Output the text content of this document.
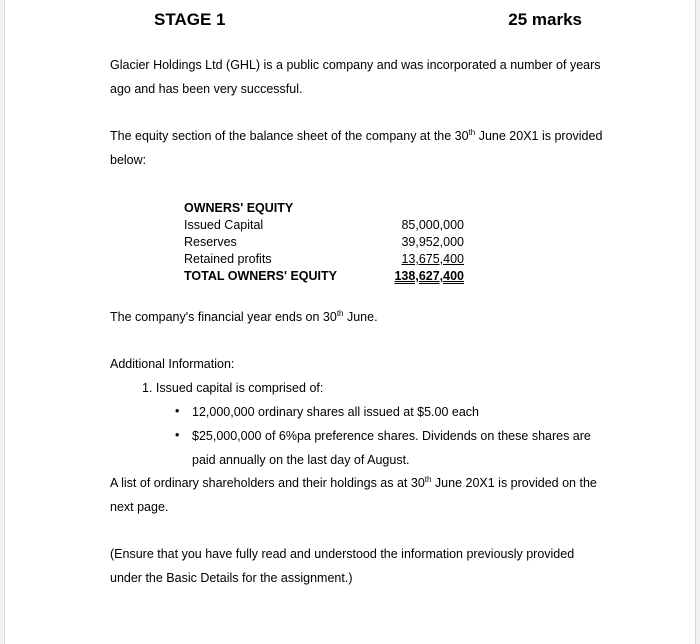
STAGE 1	25 marks
Glacier Holdings Ltd (GHL) is a public company and was incorporated a number of years
ago and has been very successful.
The equity section of the balance sheet of the company at the 30th June 20X1 is provided
below:
OWNERS' EQUITY
Issued Capital	85,000,000
Reserves	39,952,000
Retained profits	13,675,400
TOTAL OWNERS' EQUITY	138,627,400
The company's financial year ends on 30th June.
Additional Information:
1. Issued capital is comprised of:
• 12,000,000 ordinary shares all issued at $5.00 each
• $25,000,000 of 6%pa preference shares. Dividends on these shares are
paid annually on the last day of August.
A list of ordinary shareholders and their holdings as at 30th June 20X1 is provided on the
next page.
(Ensure that you have fully read and understood the information previously provided
under the Basic Details for the assignment.)
